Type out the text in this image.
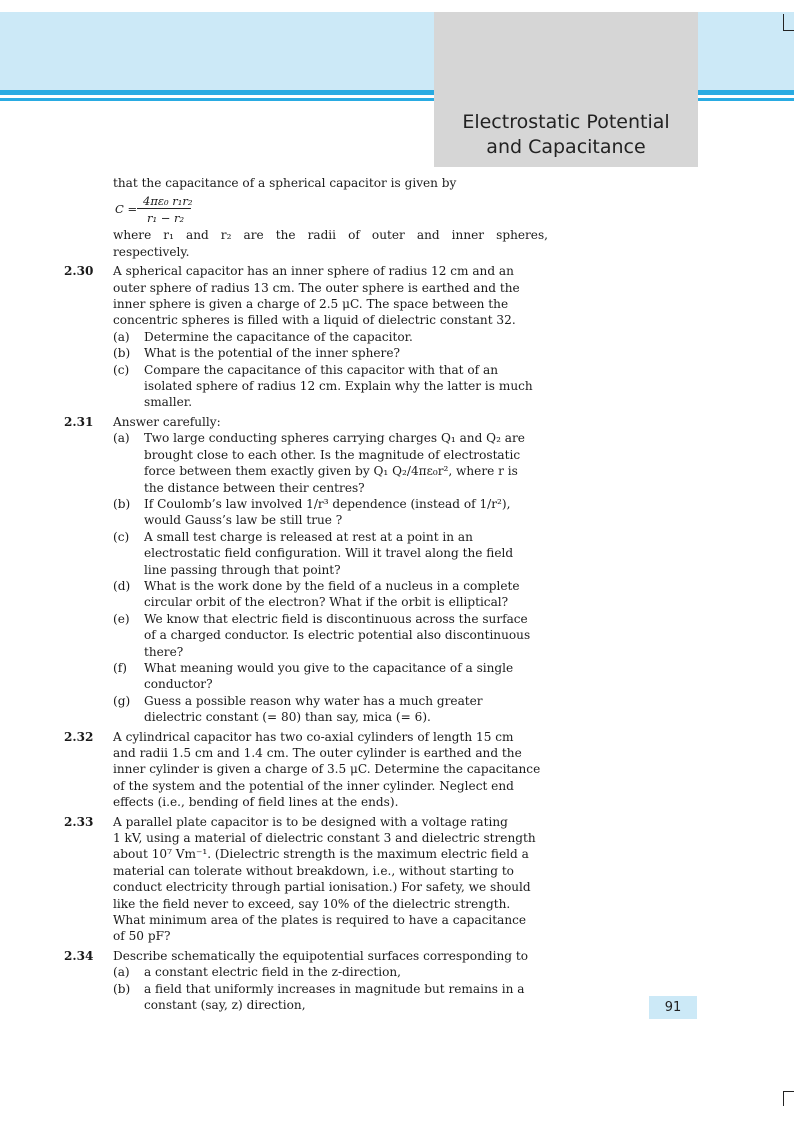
Electrostatic Potential
and Capacitance
that the capacitance of a spherical capacitor is given by
C =
4πε₀ r₁r₂
r₁ − r₂
where r₁ and r₂ are the radii of outer and inner spheres,
respectively.
2.30 A spherical capacitor has an inner sphere of radius 12 cm and an
outer sphere of radius 13 cm. The outer sphere is earthed and the
inner sphere is given a charge of 2.5 μC. The space between the
concentric spheres is filled with a liquid of dielectric constant 32.
(a) Determine the capacitance of the capacitor.
(b) What is the potential of the inner sphere?
(c) Compare the capacitance of this capacitor with that of an
isolated sphere of radius 12 cm. Explain why the latter is much
smaller.
2.31 Answer carefully:
(a) Two large conducting spheres carrying charges Q₁ and Q₂ are
brought close to each other. Is the magnitude of electrostatic
force between them exactly given by Q₁ Q₂/4πε₀r², where r is
the distance between their centres?
(b) If Coulomb’s law involved 1/r³ dependence (instead of 1/r²),
would Gauss’s law be still true ?
(c) A small test charge is released at rest at a point in an
electrostatic field configuration. Will it travel along the field
line passing through that point?
(d) What is the work done by the field of a nucleus in a complete
circular orbit of the electron? What if the orbit is elliptical?
(e) We know that electric field is discontinuous across the surface
of a charged conductor. Is electric potential also discontinuous
there?
(f) What meaning would you give to the capacitance of a single
conductor?
(g) Guess a possible reason why water has a much greater
dielectric constant (= 80) than say, mica (= 6).
2.32 A cylindrical capacitor has two co-axial cylinders of length 15 cm
and radii 1.5 cm and 1.4 cm. The outer cylinder is earthed and the
inner cylinder is given a charge of 3.5 μC. Determine the capacitance
of the system and the potential of the inner cylinder. Neglect end
effects (i.e., bending of field lines at the ends).
2.33 A parallel plate capacitor is to be designed with a voltage rating
1 kV, using a material of dielectric constant 3 and dielectric strength
about 10⁷ Vm⁻¹. (Dielectric strength is the maximum electric field a
material can tolerate without breakdown, i.e., without starting to
conduct electricity through partial ionisation.) For safety, we should
like the field never to exceed, say 10% of the dielectric strength.
What minimum area of the plates is required to have a capacitance
of 50 pF?
2.34 Describe schematically the equipotential surfaces corresponding to
(a) a constant electric field in the z-direction,
(b) a field that uniformly increases in magnitude but remains in a
constant (say, z) direction,	91
